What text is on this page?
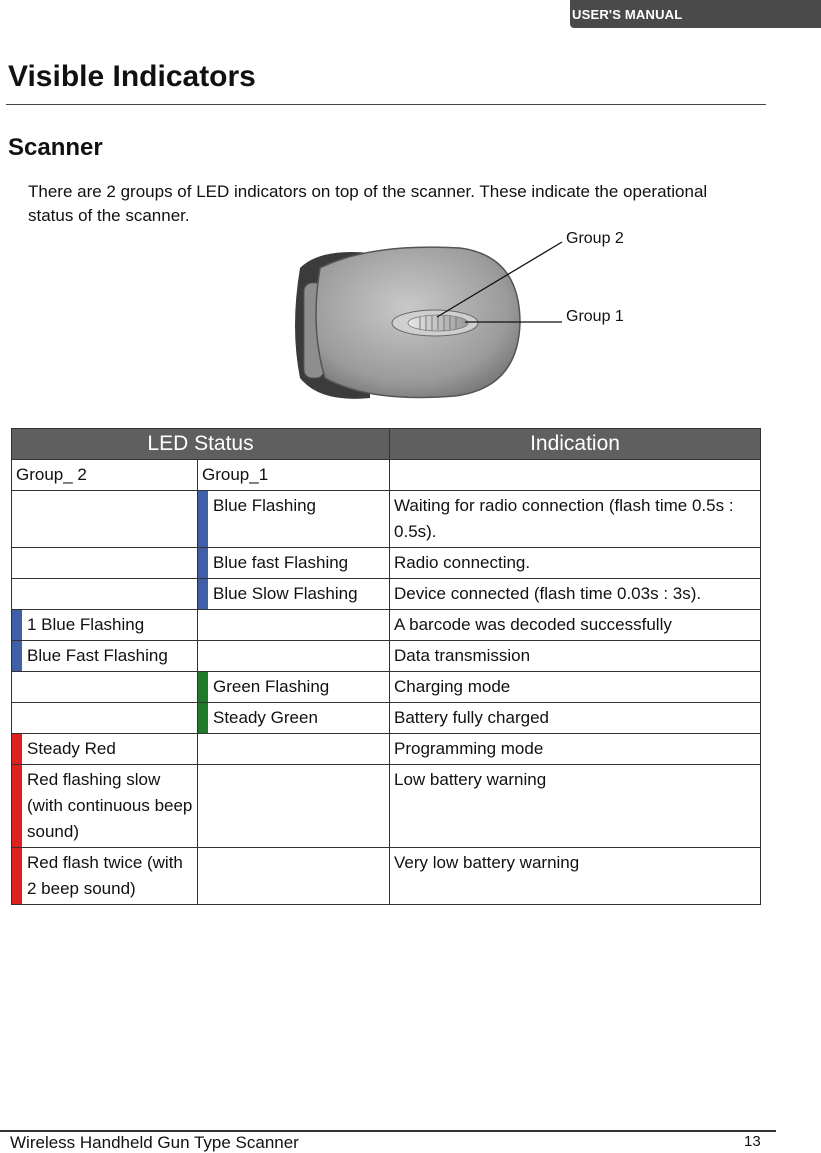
USER'S MANUAL
Visible Indicators
Scanner

There are 2 groups of LED indicators on top of the scanner. These indicate the operational status of the scanner.

Group 2
Group 1
LED Status		Indication
Group_ 2	Group_1	
	Blue Flashing	Waiting for radio connection (flash time 0.5s : 0.5s).
	Blue fast Flashing	Radio connecting.
	Blue Slow Flashing	Device connected (flash time 0.03s : 3s).
1 Blue Flashing		A barcode was decoded successfully
Blue Fast Flashing		Data transmission
	Green Flashing	Charging mode
	Steady Green	Battery fully charged
Steady Red		Programming mode
Red flashing slow (with continuous beep sound)		Low battery warning
Red flash twice (with 2 beep sound)		Very low battery warning
Wireless Handheld Gun Type Scanner	13
